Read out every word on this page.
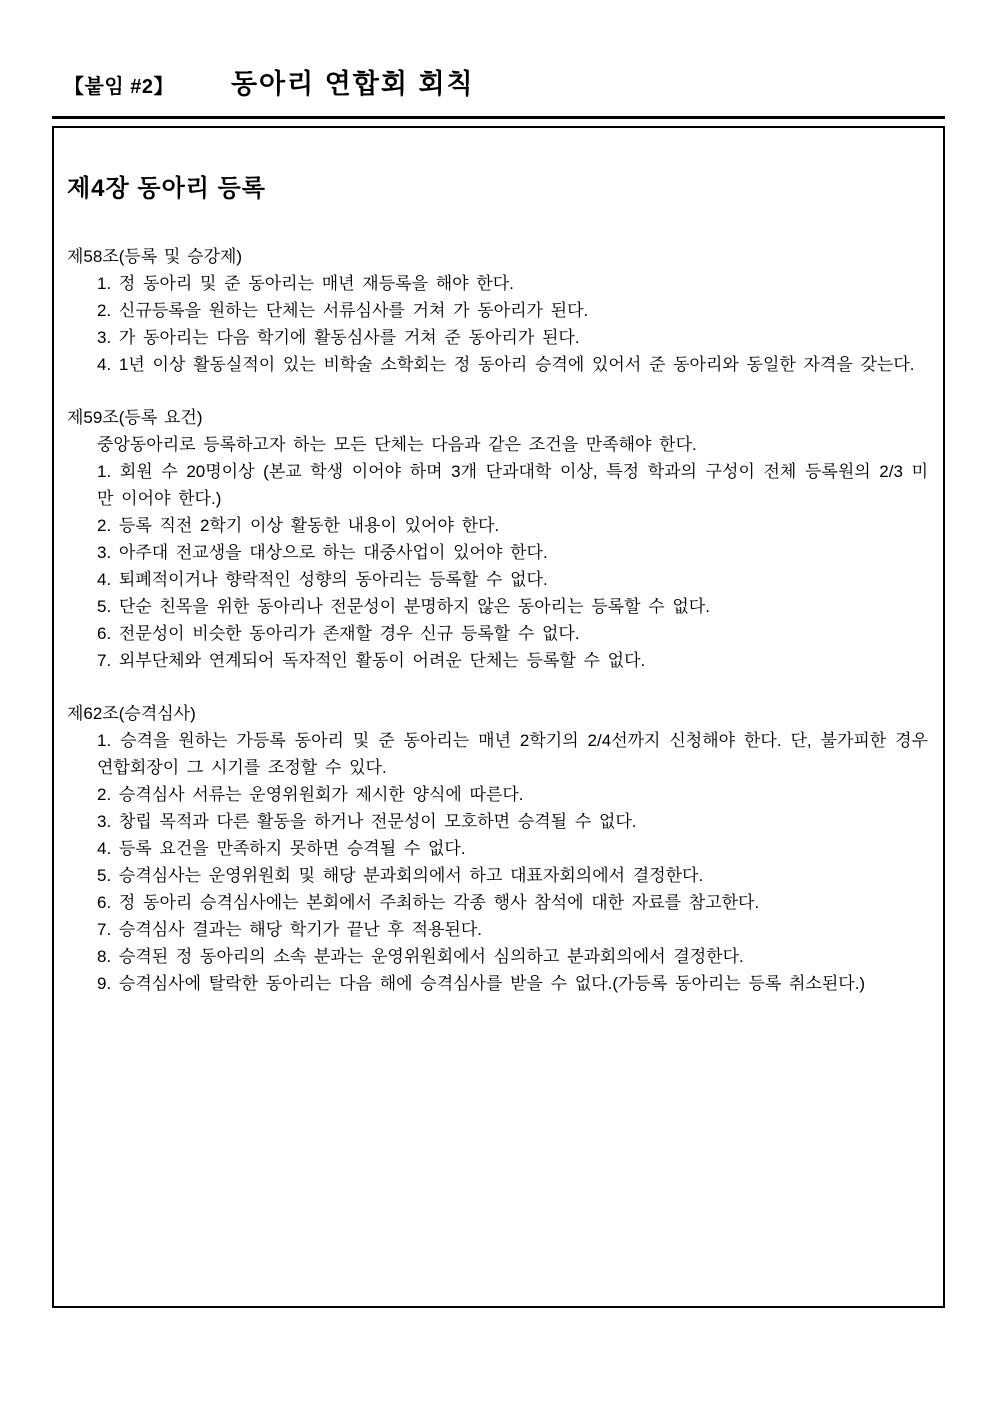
【붙임 #2】 동아리 연합회 회칙
제4장 동아리 등록
제58조(등록 및 승강제)

1. 정 동아리 및 준 동아리는 매년 재등록을 해야 한다.

2. 신규등록을 원하는 단체는 서류심사를 거쳐 가 동아리가 된다.

3. 가 동아리는 다음 학기에 활동심사를 거쳐 준 동아리가 된다.

4. 1년 이상 활동실적이 있는 비학술 소학회는 정 동아리 승격에 있어서 준 동아리와 동일한 자격을 갖는다.

제59조(등록 요건)

중앙동아리로 등록하고자 하는 모든 단체는 다음과 같은 조건을 만족해야 한다.

1. 회원 수 20명이상 (본교 학생 이어야 하며 3개 단과대학 이상, 특정 학과의 구성이 전체 등록원의 2/3 미만 이어야 한다.)

2. 등록 직전 2학기 이상 활동한 내용이 있어야 한다.

3. 아주대 전교생을 대상으로 하는 대중사업이 있어야 한다.

4. 퇴폐적이거나 향락적인 성향의 동아리는 등록할 수 없다.

5. 단순 친목을 위한 동아리나 전문성이 분명하지 않은 동아리는 등록할 수 없다.

6. 전문성이 비슷한 동아리가 존재할 경우 신규 등록할 수 없다.

7. 외부단체와 연계되어 독자적인 활동이 어려운 단체는 등록할 수 없다.

제62조(승격심사)

1. 승격을 원하는 가등록 동아리 및 준 동아리는 매년 2학기의 2/4선까지 신청해야 한다. 단, 불가피한 경우 연합회장이 그 시기를 조정할 수 있다.

2. 승격심사 서류는 운영위원회가 제시한 양식에 따른다.

3. 창립 목적과 다른 활동을 하거나 전문성이 모호하면 승격될 수 없다.

4. 등록 요건을 만족하지 못하면 승격될 수 없다.

5. 승격심사는 운영위원회 및 해당 분과회의에서 하고 대표자회의에서 결정한다.

6. 정 동아리 승격심사에는 본회에서 주최하는 각종 행사 참석에 대한 자료를 참고한다.

7. 승격심사 결과는 해당 학기가 끝난 후 적용된다.

8. 승격된 정 동아리의 소속 분과는 운영위원회에서 심의하고 분과회의에서 결정한다.

9. 승격심사에 탈락한 동아리는 다음 해에 승격심사를 받을 수 없다.(가등록 동아리는 등록 취소된다.)
